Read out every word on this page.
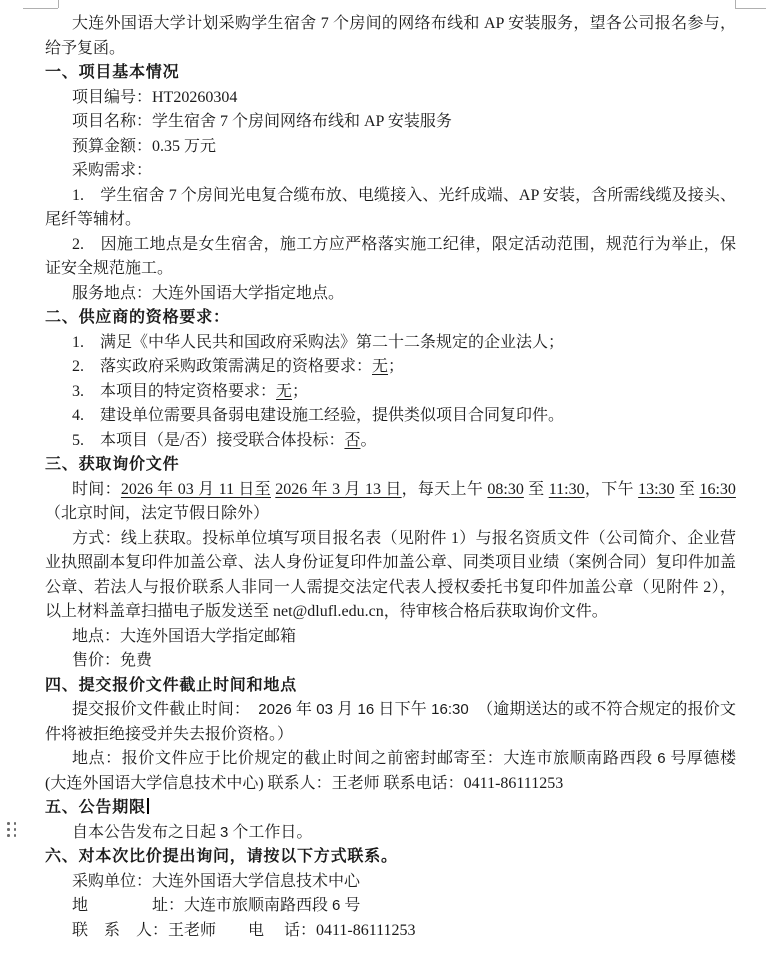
大连外国语大学计划采购学生宿舍 7 个房间的网络布线和 AP 安装服务，望各公司报名参与，给予复函。
一、项目基本情况
项目编号：HT20260304
项目名称：学生宿舍 7 个房间网络布线和 AP 安装服务
预算金额：0.35 万元
采购需求：
1.　学生宿舍 7 个房间光电复合缆布放、电缆接入、光纤成端、AP 安装，含所需线缆及接头、尾纤等辅材。
2.　因施工地点是女生宿舍，施工方应严格落实施工纪律，限定活动范围，规范行为举止，保证安全规范施工。
服务地点：大连外国语大学指定地点。
二、供应商的资格要求：
1.　满足《中华人民共和国政府采购法》第二十二条规定的企业法人；
2.　落实政府采购政策需满足的资格要求：无；
3.　本项目的特定资格要求：无；
4.　建设单位需要具备弱电建设施工经验，提供类似项目合同复印件。
5.　本项目（是/否）接受联合体投标：否。
三、获取询价文件
时间：2026 年 03 月 11 日至 2026 年 3 月 13 日，每天上午 08:30 至 11:30，下午 13:30 至 16:30（北京时间，法定节假日除外）
方式：线上获取。投标单位填写项目报名表（见附件 1）与报名资质文件（公司简介、企业营业执照副本复印件加盖公章、法人身份证复印件加盖公章、同类项目业绩（案例合同）复印件加盖公章、若法人与报价联系人非同一人需提交法定代表人授权委托书复印件加盖公章（见附件 2），以上材料盖章扫描电子版发送至 net@dlufl.edu.cn，待审核合格后获取询价文件。
地点：大连外国语大学指定邮箱
售价：免费
四、提交报价文件截止时间和地点
提交报价文件截止时间：　2026 年 03 月 16 日下午 16:30　（逾期送达的或不符合规定的报价文件将被拒绝接受并失去报价资格。）
地点：报价文件应于比价规定的截止时间之前密封邮寄至：大连市旅顺南路西段 6 号厚德楼 (大连外国语大学信息技术中心) 联系人：王老师 联系电话：0411-86111253
五、公告期限
自本公告发布之日起 3 个工作日。
六、对本次比价提出询问，请按以下方式联系。
采购单位：大连外国语大学信息技术中心
地　　　　址：大连市旅顺南路西段 6 号
联　系　人：王老师　　电　 话：0411-86111253
